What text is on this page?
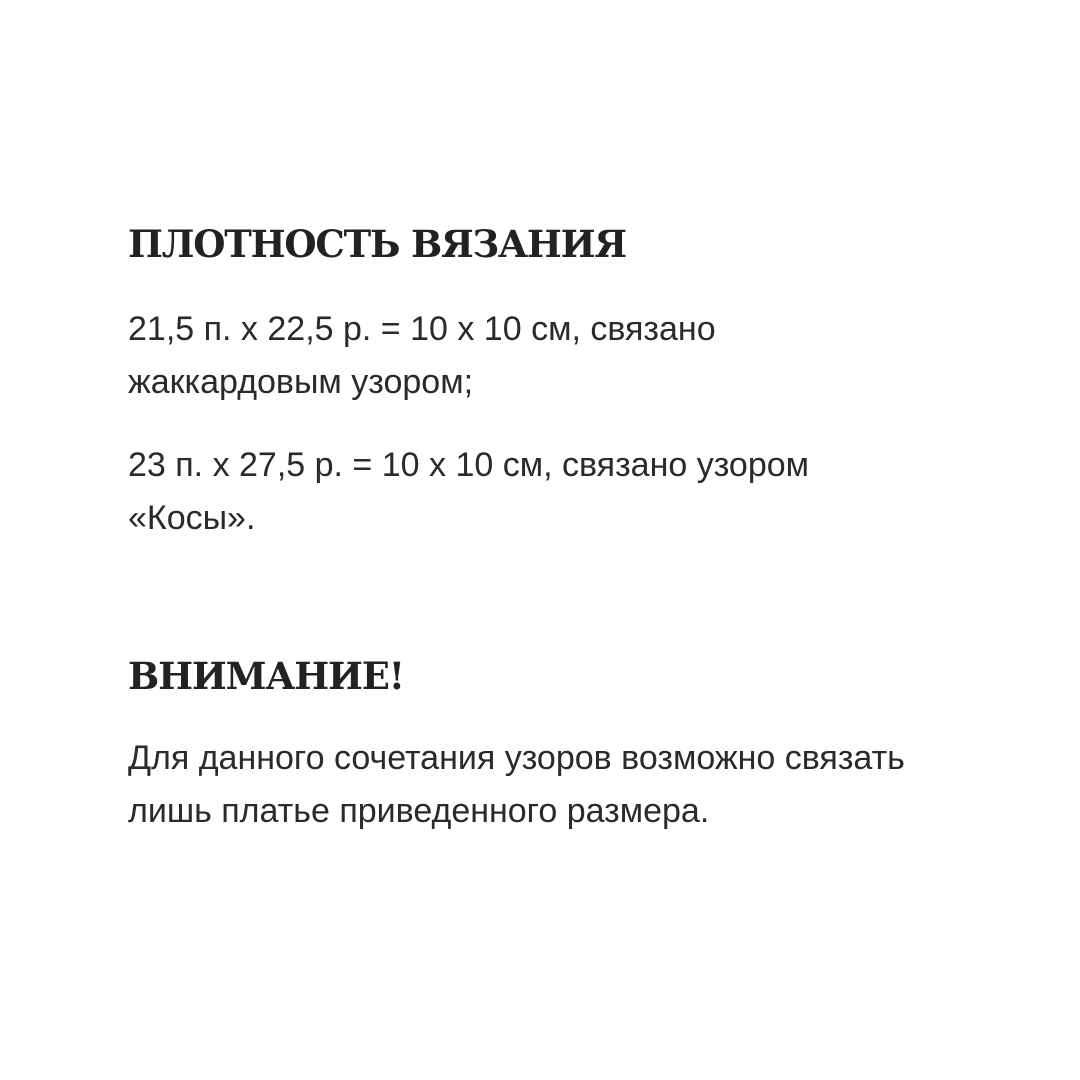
ПЛОТНОСТЬ ВЯЗАНИЯ

21,5 п. х 22,5 р. = 10 х 10 см, связано жаккардовым узором;

23 п. х 27,5 р. = 10 х 10 см, связано узором «Косы».

ВНИМАНИЕ!

Для данного сочетания узоров возможно связать лишь платье приведенного размера.
